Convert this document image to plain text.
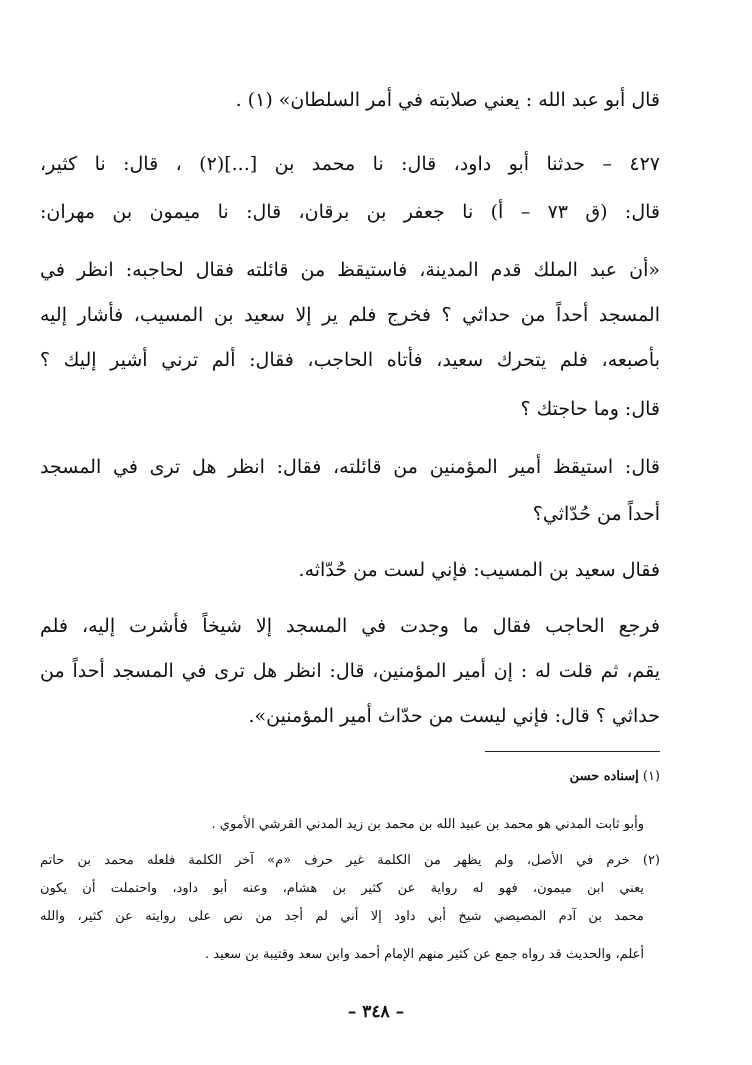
قال أبو عبد الله : يعني صلابته في أمر السلطان» (١) .
٤٢٧ – حدثنا أبو داود، قال: نا محمد بن [...](٢) ، قال: نا كثير،
قال: (ق ٧٣ – أ) نا جعفر بن برقان، قال: نا ميمون بن مهران:
«أن عبد الملك قدم المدينة، فاستيقظ من قائلته فقال لحاجبه: انظر في
المسجد أحداً من حداثي ؟ فخرج فلم ير إلا سعيد بن المسيب، فأشار إليه
بأصبعه، فلم يتحرك سعيد، فأتاه الحاجب، فقال: ألم ترني أشير إليك ؟
قال: وما حاجتك ؟
قال: استيقظ أمير المؤمنين من قائلته، فقال: انظر هل ترى في المسجد
أحداً من حُدّاثي؟
فقال سعيد بن المسيب: فإني لست من حُدّاثه.
فرجع الحاجب فقال ما وجدت في المسجد إلا شيخاً فأشرت إليه، فلم
يقم، ثم قلت له : إن أمير المؤمنين، قال: انظر هل ترى في المسجد أحداً من
حداثي ؟ قال: فإني ليست من حدّاث أمير المؤمنين».
(١) إسناده حسن
وأبو ثابت المدني هو محمد بن عبيد الله بن محمد بن زيد المدني القرشي الأموي .
(٢) خرم في الأصل، ولم يظهر من الكلمة غير حرف «م» آخر الكلمة فلعله محمد بن حاتم
يعني ابن ميمون، فهو له رواية عن كثير بن هشام، وعنه أبو داود، واحتملت أن يكون
محمد بن آدم المصيصي شيخ أبي داود إلا أني لم أجد من نص على روايته عن كثير، والله
أعلم، والحديث قد رواه جمع عن كثير منهم الإمام أحمد وابن سعد وقتيبة بن سعيد .
– ٣٤٨ –
